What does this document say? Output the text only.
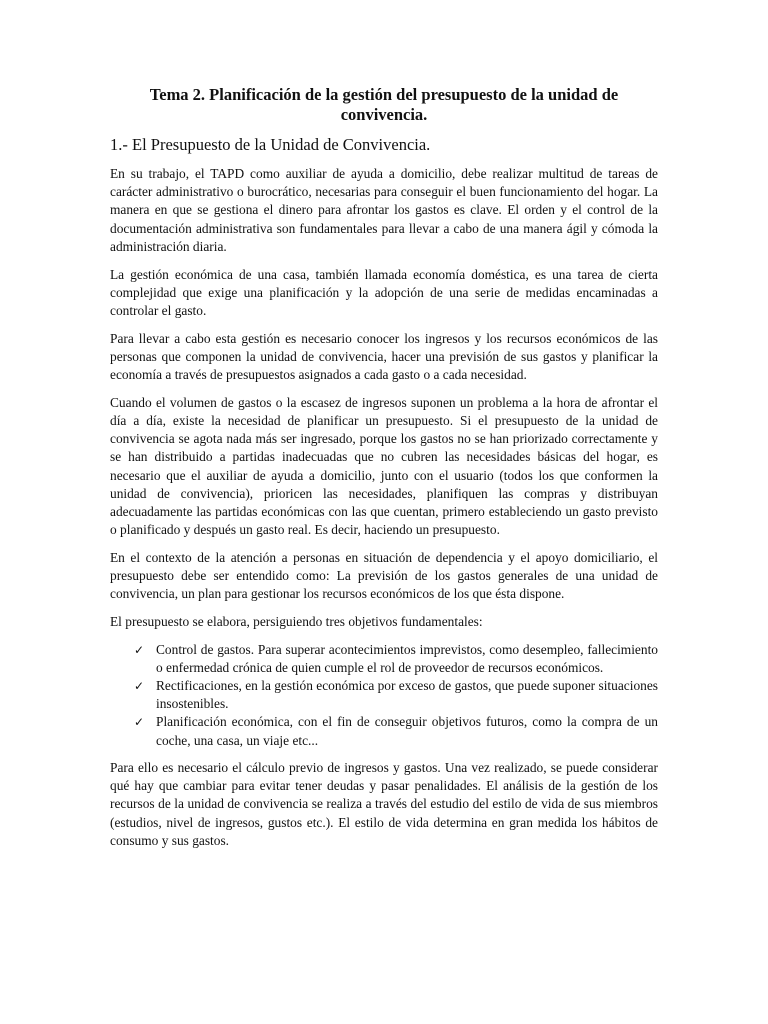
Tema 2. Planificación de la gestión del presupuesto de la unidad de convivencia.
1.- El Presupuesto de la Unidad de Convivencia.

En su trabajo, el TAPD como auxiliar de ayuda a domicilio, debe realizar multitud de tareas de carácter administrativo o burocrático, necesarias para conseguir el buen funcionamiento del hogar. La manera en que se gestiona el dinero para afrontar los gastos es clave. El orden y el control de la documentación administrativa son fundamentales para llevar a cabo de una manera ágil y cómoda la administración diaria.

La gestión económica de una casa, también llamada economía doméstica, es una tarea de cierta complejidad que exige una planificación y la adopción de una serie de medidas encaminadas a controlar el gasto.

Para llevar a cabo esta gestión es necesario conocer los ingresos y los recursos económicos de las personas que componen la unidad de convivencia, hacer una previsión de sus gastos y planificar la economía a través de presupuestos asignados a cada gasto o a cada necesidad.

Cuando el volumen de gastos o la escasez de ingresos suponen un problema a la hora de afrontar el día a día, existe la necesidad de planificar un presupuesto. Si el presupuesto de la unidad de convivencia se agota nada más ser ingresado, porque los gastos no se han priorizado correctamente y se han distribuido a partidas inadecuadas que no cubren las necesidades básicas del hogar, es necesario que el auxiliar de ayuda a domicilio, junto con el usuario (todos los que conformen la unidad de convivencia), prioricen las necesidades, planifiquen las compras y distribuyan adecuadamente las partidas económicas con las que cuentan, primero estableciendo un gasto previsto o planificado y después un gasto real. Es decir, haciendo un presupuesto.

En el contexto de la atención a personas en situación de dependencia y el apoyo domiciliario, el presupuesto debe ser entendido como: La previsión de los gastos generales de una unidad de convivencia, un plan para gestionar los recursos económicos de los que ésta dispone.

El presupuesto se elabora, persiguiendo tres objetivos fundamentales:

✓ Control de gastos. Para superar acontecimientos imprevistos, como desempleo, fallecimiento o enfermedad crónica de quien cumple el rol de proveedor de recursos económicos.
✓ Rectificaciones, en la gestión económica por exceso de gastos, que puede suponer situaciones insostenibles.
✓ Planificación económica, con el fin de conseguir objetivos futuros, como la compra de un coche, una casa, un viaje etc...

Para ello es necesario el cálculo previo de ingresos y gastos. Una vez realizado, se puede considerar qué hay que cambiar para evitar tener deudas y pasar penalidades. El análisis de la gestión de los recursos de la unidad de convivencia se realiza a través del estudio del estilo de vida de sus miembros (estudios, nivel de ingresos, gustos etc.). El estilo de vida determina en gran medida los hábitos de consumo y sus gastos.
